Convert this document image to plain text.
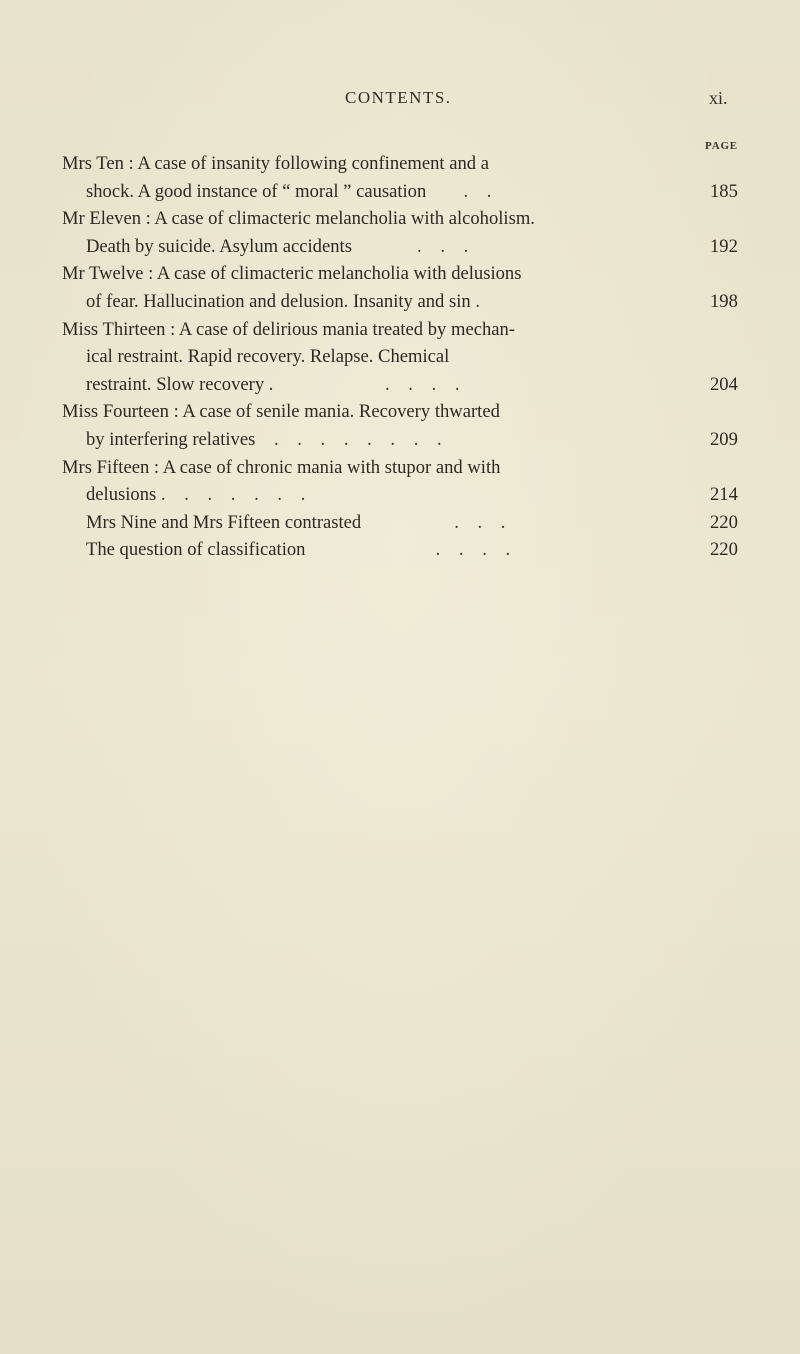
CONTENTS.	xi.
PAGE
Mrs Ten : A case of insanity following confinement and a
shock. A good instance of “ moral ” causation . .	185
Mr Eleven : A case of climacteric melancholia with alcoholism.
Death by suicide. Asylum accidents	. . .	192
Mr Twelve : A case of climacteric melancholia with delusions
of fear. Hallucination and delusion. Insanity and sin .	198
Miss Thirteen : A case of delirious mania treated by mechan-
ical restraint. Rapid recovery. Relapse. Chemical
restraint. Slow recovery .	. . . .	204
Miss Fourteen : A case of senile mania. Recovery thwarted
by interfering relatives . . . . . . . .	209
Mrs Fifteen : A case of chronic mania with stupor and with
delusions . . . . . . .	214
Mrs Nine and Mrs Fifteen contrasted	. . .	220
The question of classification	. . . .	220
